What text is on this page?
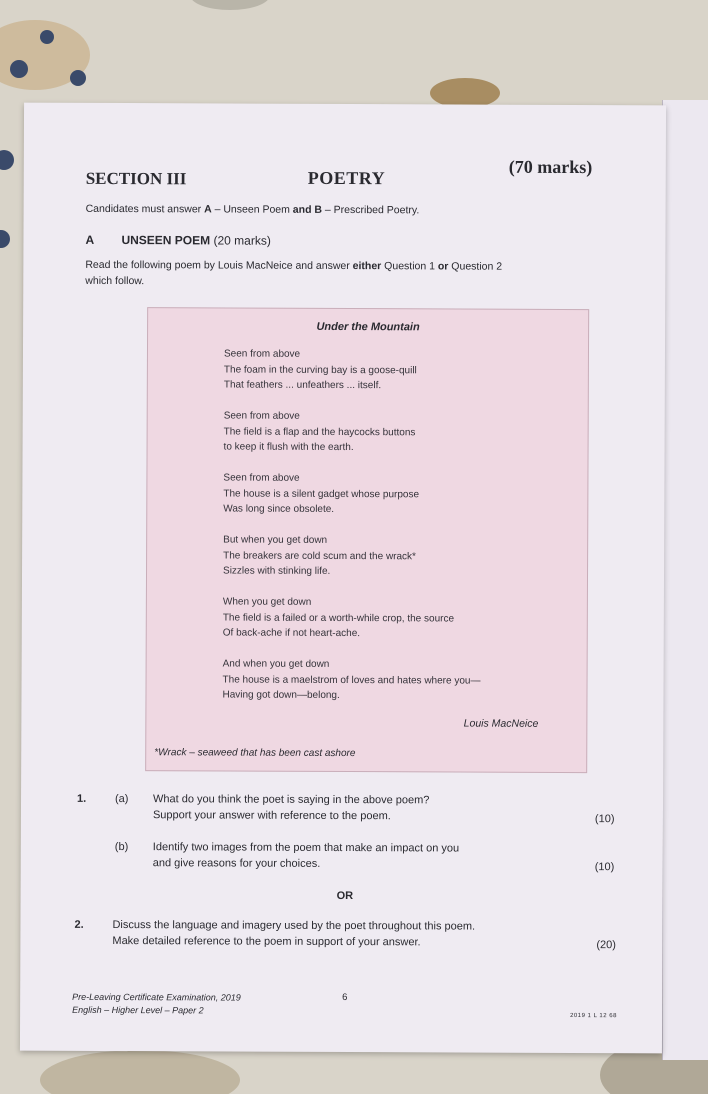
SECTION III	POETRY
(70 marks)
Candidates must answer A – Unseen Poem and B – Prescribed Poetry.
A UNSEEN POEM (20 marks)
Read the following poem by Louis MacNeice and answer either Question 1 or Question 2
which follow.
Under the Mountain
Seen from above
The foam in the curving bay is a goose-quill
That feathers ... unfeathers ... itself.
Seen from above
The field is a flap and the haycocks buttons
to keep it flush with the earth.
Seen from above
The house is a silent gadget whose purpose
Was long since obsolete.
But when you get down
The breakers are cold scum and the wrack*
Sizzles with stinking life.
When you get down
The field is a failed or a worth-while crop, the source
Of back-ache if not heart-ache.
And when you get down
The house is a maelstrom of loves and hates where you—
Having got down—belong.
Louis MacNeice
*Wrack – seaweed that has been cast ashore
1.	(a) What do you think the poet is saying in the above poem?
Support your answer with reference to the poem.	(10)
(b) Identify two images from the poem that make an impact on you
and give reasons for your choices.	(10)
OR
2.	Discuss the language and imagery used by the poet throughout this poem.
Make detailed reference to the poem in support of your answer.	(20)
Pre-Leaving Certificate Examination, 2019
English – Higher Level – Paper 2
6
2019 1 L 12 68
